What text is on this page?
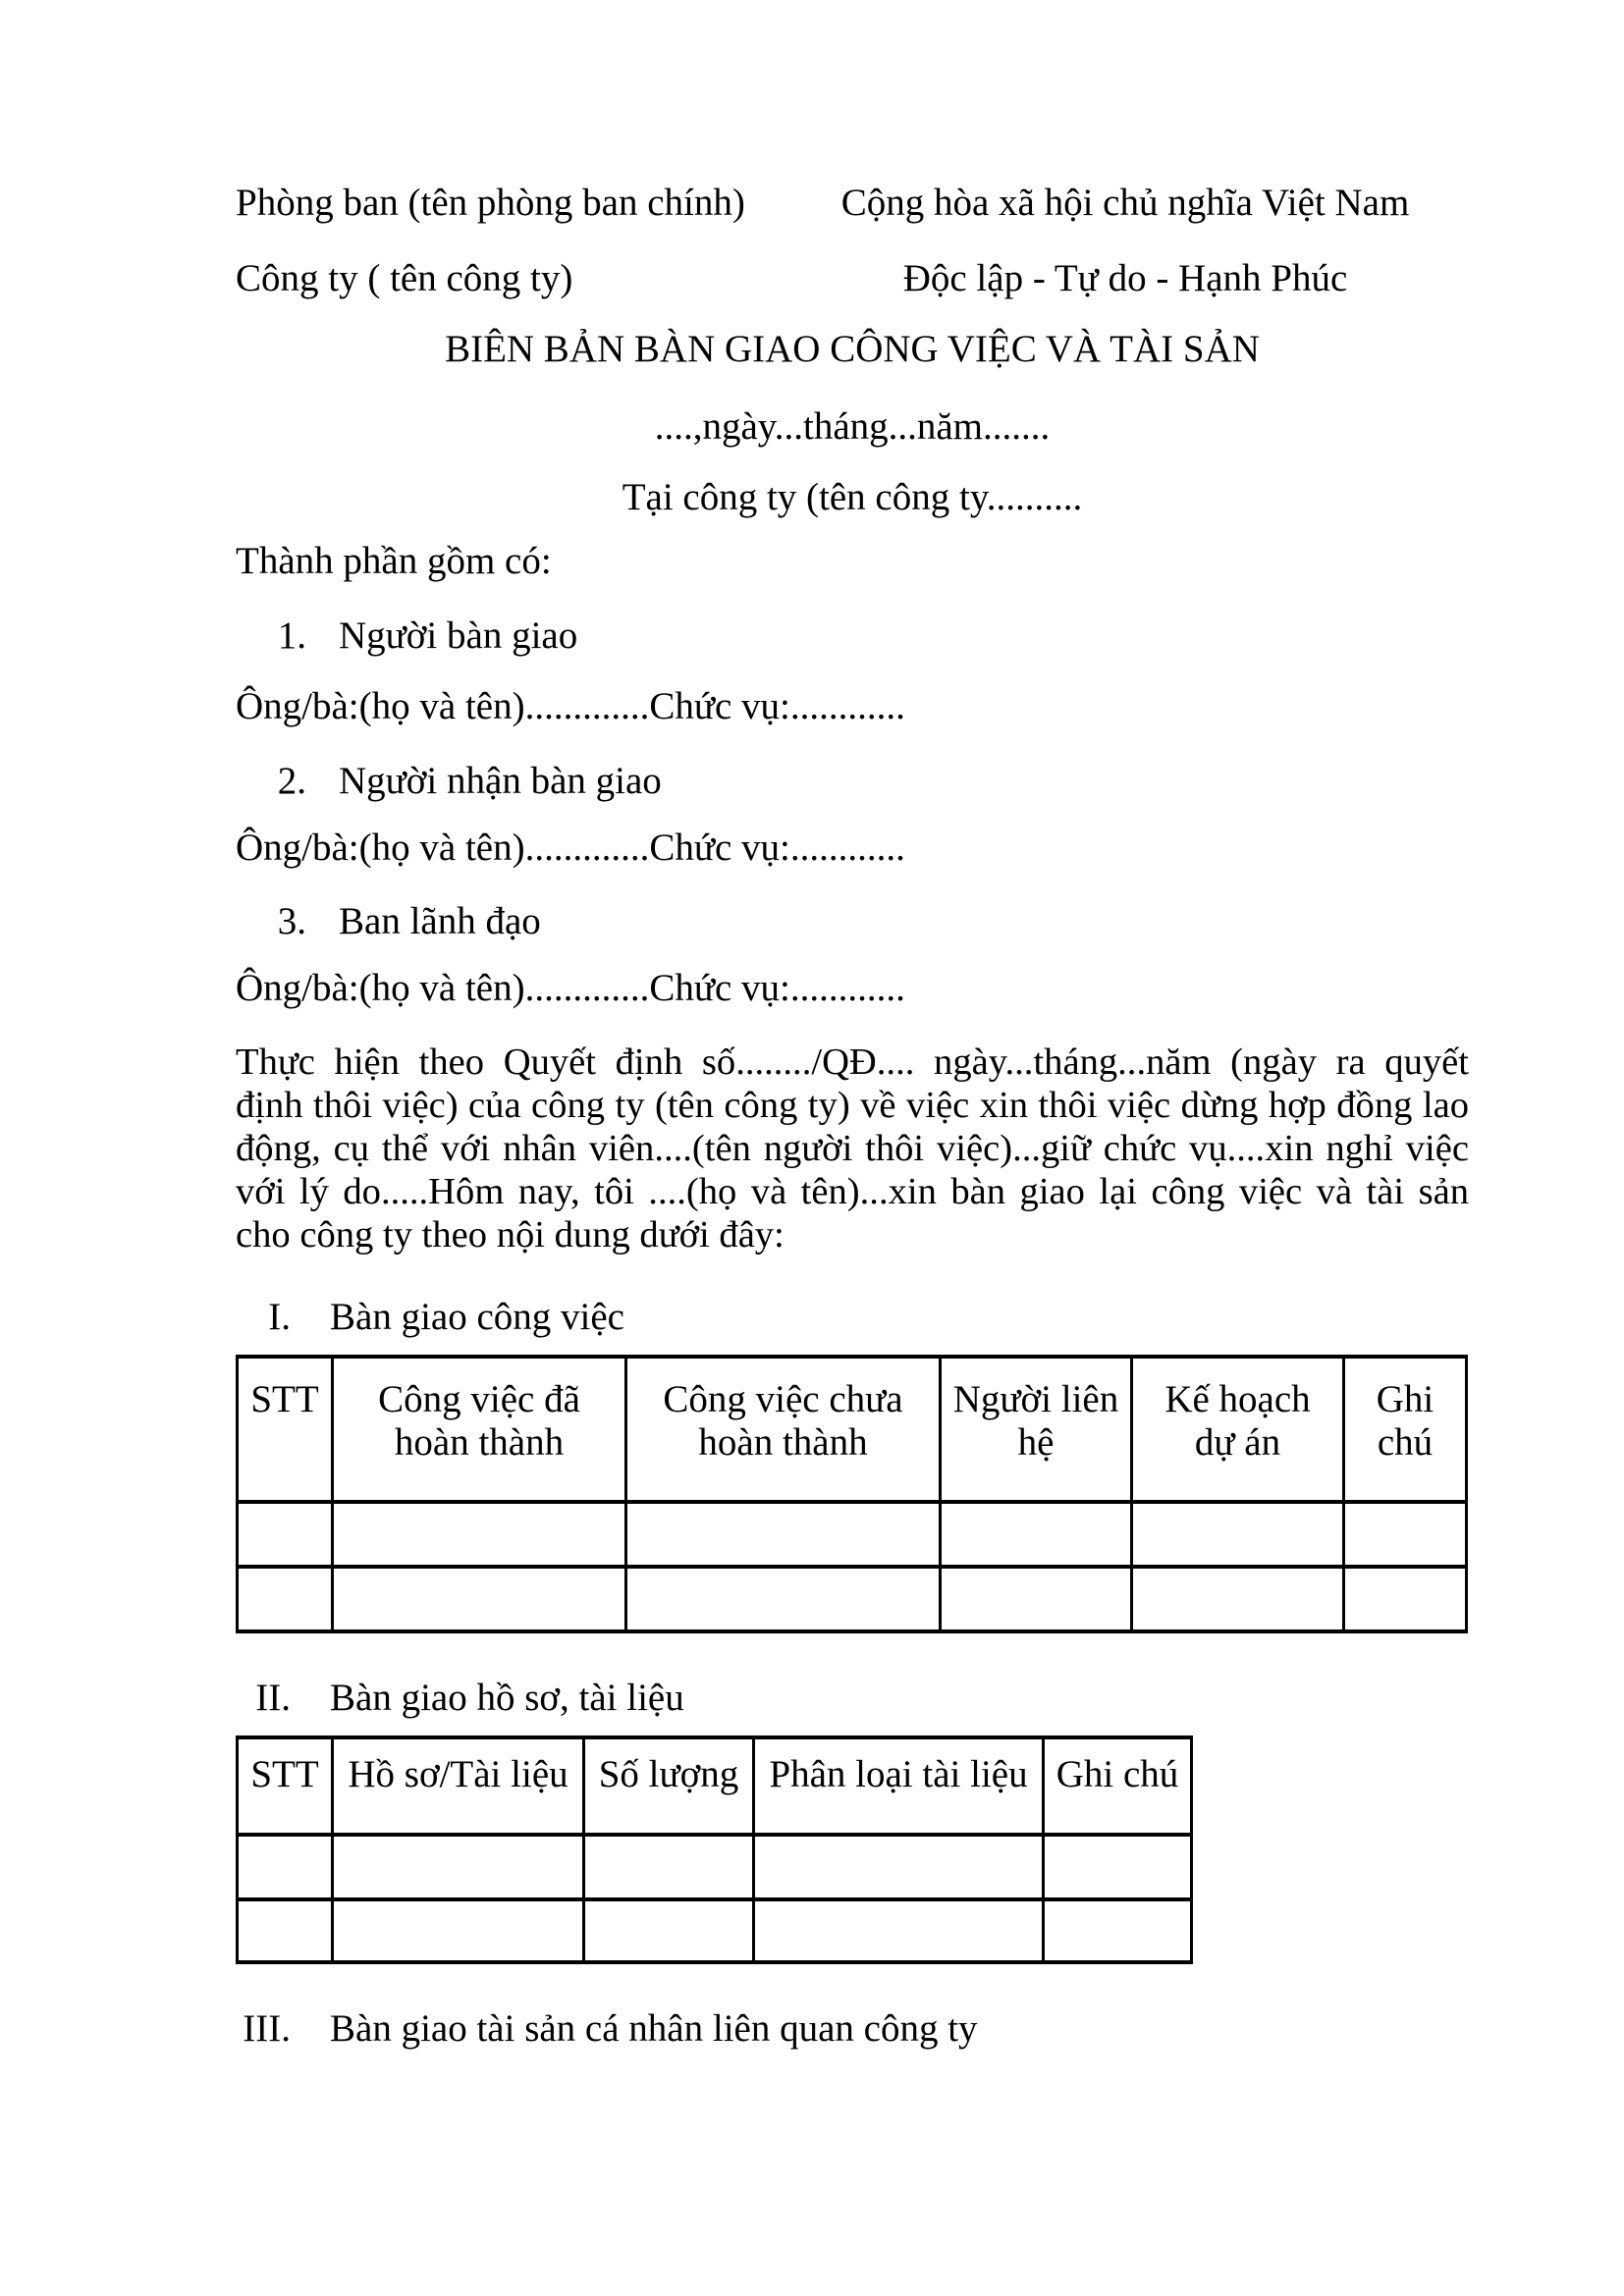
Phòng ban (tên phòng ban chính)	Cộng hòa xã hội chủ nghĩa Việt Nam
Công ty ( tên công ty)	Độc lập - Tự do - Hạnh Phúc
BIÊN BẢN BÀN GIAO CÔNG VIỆC VÀ TÀI SẢN
....,ngày...tháng...năm.......
Tại công ty (tên công ty..........
Thành phần gồm có:
1. Người bàn giao
Ông/bà:(họ và tên).............Chức vụ:............
2. Người nhận bàn giao
Ông/bà:(họ và tên).............Chức vụ:............
3. Ban lãnh đạo
Ông/bà:(họ và tên).............Chức vụ:............
Thực hiện theo Quyết định số......../QĐ.... ngày...tháng...năm (ngày ra quyết
định thôi việc) của công ty (tên công ty) về việc xin thôi việc dừng hợp đồng lao
động, cụ thể với nhân viên....(tên người thôi việc)...giữ chức vụ....xin nghỉ việc
với lý do.....Hôm nay, tôi ....(họ và tên)...xin bàn giao lại công việc và tài sản
cho công ty theo nội dung dưới đây:
I. Bàn giao công việc
STT	Công việc đã hoàn thành	Công việc chưa hoàn thành	Người liên hệ	Kế hoạch dự án	Ghi chú

II. Bàn giao hồ sơ, tài liệu
STT	Hồ sơ/Tài liệu	Số lượng	Phân loại tài liệu	Ghi chú

III. Bàn giao tài sản cá nhân liên quan công ty
